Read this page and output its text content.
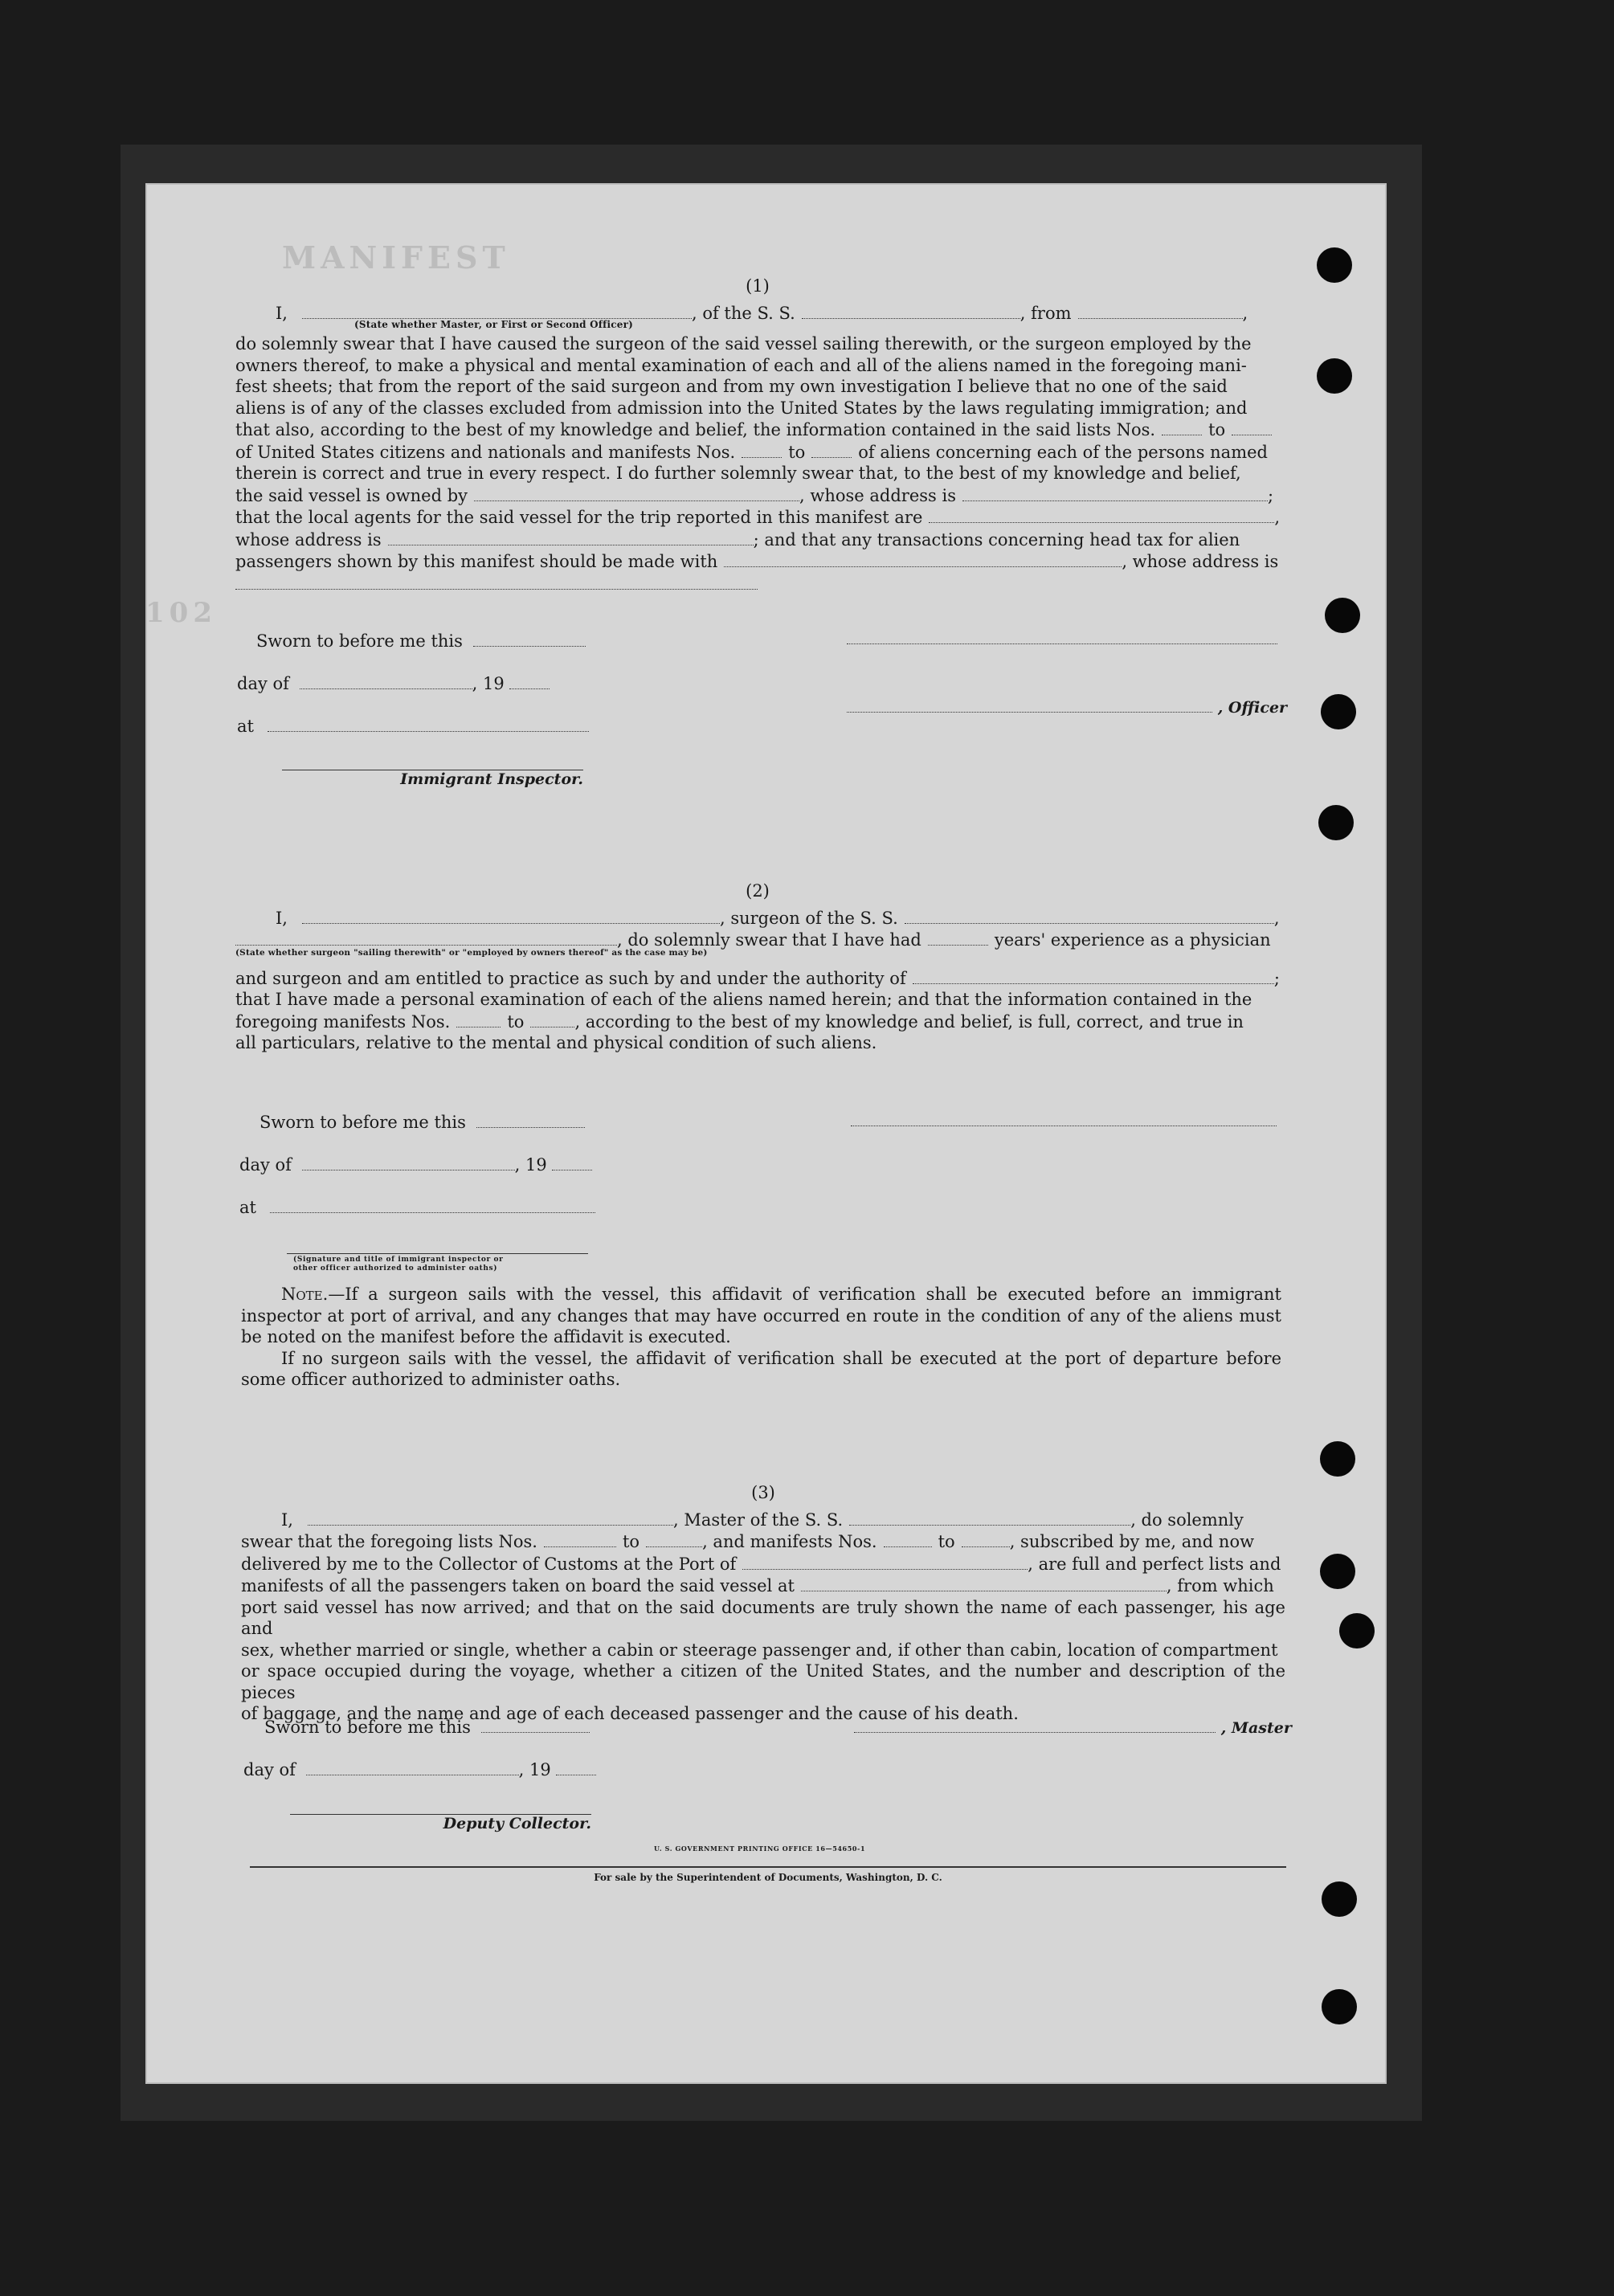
MANIFEST
102
(1)
I,	, of the S. S.	, from	,
(State whether Master, or First or Second Officer)
do solemnly swear that I have caused the surgeon of the said vessel sailing therewith, or the surgeon employed by the
owners thereof, to make a physical and mental examination of each and all of the aliens named in the foregoing mani-
fest sheets; that from the report of the said surgeon and from my own investigation I believe that no one of the said
aliens is of any of the classes excluded from admission into the United States by the laws regulating immigration; and
that also, according to the best of my knowledge and belief, the information contained in the said lists Nos.	to
of United States citizens and nationals and manifests Nos.	to	of aliens concerning each of the persons named
therein is correct and true in every respect. I do further solemnly swear that, to the best of my knowledge and belief,
the said vessel is owned by	, whose address is	;
that the local agents for the said vessel for the trip reported in this manifest are	,
whose address is	; and that any transactions concerning head tax for alien
passengers shown by this manifest should be made with	, whose address is
Sworn to before me this
day of	, 19
at
Immigrant Inspector.
, Officer
(2)
I,	, surgeon of the S. S.	,
, do solemnly swear that I have had	years' experience as a physician
(State whether surgeon "sailing therewith" or "employed by owners thereof" as the case may be)
and surgeon and am entitled to practice as such by and under the authority of	;
that I have made a personal examination of each of the aliens named herein; and that the information contained in the
foregoing manifests Nos.	to	, according to the best of my knowledge and belief, is full, correct, and true in
all particulars, relative to the mental and physical condition of such aliens.
Sworn to before me this
day of	, 19
at
(Signature and title of immigrant inspector or
other officer authorized to administer oaths)

Note.—If a surgeon sails with the vessel, this affidavit of verification shall be executed before an immigrant inspector at port of arrival, and any changes that may have occurred en route in the condition of any of the aliens must be noted on the manifest before the affidavit is executed.

If no surgeon sails with the vessel, the affidavit of verification shall be executed at the port of departure before some officer authorized to administer oaths.

(3)
I,	, Master of the S. S.	, do solemnly
swear that the foregoing lists Nos.	to	, and manifests Nos.	to	, subscribed by me, and now
delivered by me to the Collector of Customs at the Port of	, are full and perfect lists and
manifests of all the passengers taken on board the said vessel at	, from which
port said vessel has now arrived; and that on the said documents are truly shown the name of each passenger, his age and
sex, whether married or single, whether a cabin or steerage passenger and, if other than cabin, location of compartment
or space occupied during the voyage, whether a citizen of the United States, and the number and description of the pieces
of baggage, and the name and age of each deceased passenger and the cause of his death.
Sworn to before me this	, Master
day of	, 19
Deputy Collector.
U. S. GOVERNMENT PRINTING OFFICE 16—54650-1
For sale by the Superintendent of Documents, Washington, D. C.
